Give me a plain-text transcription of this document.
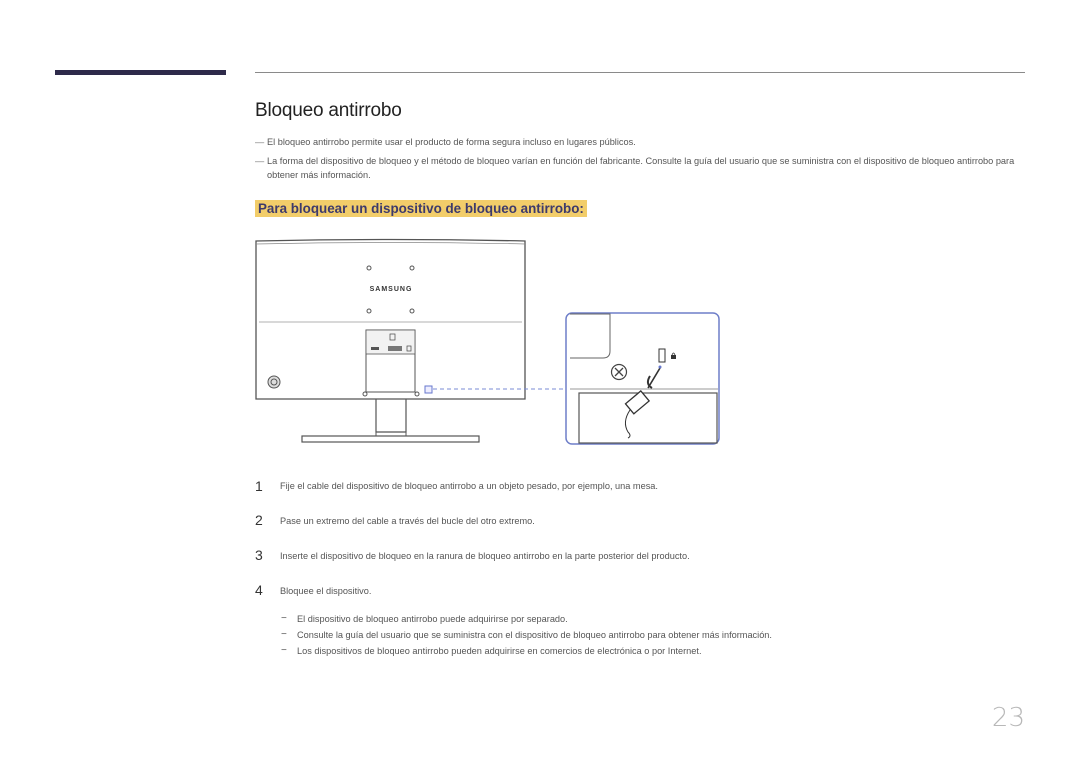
Bloqueo antirrobo
― El bloqueo antirrobo permite usar el producto de forma segura incluso en lugares públicos.
― La forma del dispositivo de bloqueo y el método de bloqueo varían en función del fabricante. Consulte la guía del usuario que se suministra con el dispositivo de bloqueo antirrobo para obtener más información.
Para bloquear un dispositivo de bloqueo antirrobo:
SAMSUNG
1 Fije el cable del dispositivo de bloqueo antirrobo a un objeto pesado, por ejemplo, una mesa.
2 Pase un extremo del cable a través del bucle del otro extremo.
3 Inserte el dispositivo de bloqueo en la ranura de bloqueo antirrobo en la parte posterior del producto.
4 Bloquee el dispositivo.
− El dispositivo de bloqueo antirrobo puede adquirirse por separado.
− Consulte la guía del usuario que se suministra con el dispositivo de bloqueo antirrobo para obtener más información.
− Los dispositivos de bloqueo antirrobo pueden adquirirse en comercios de electrónica o por Internet.
23
